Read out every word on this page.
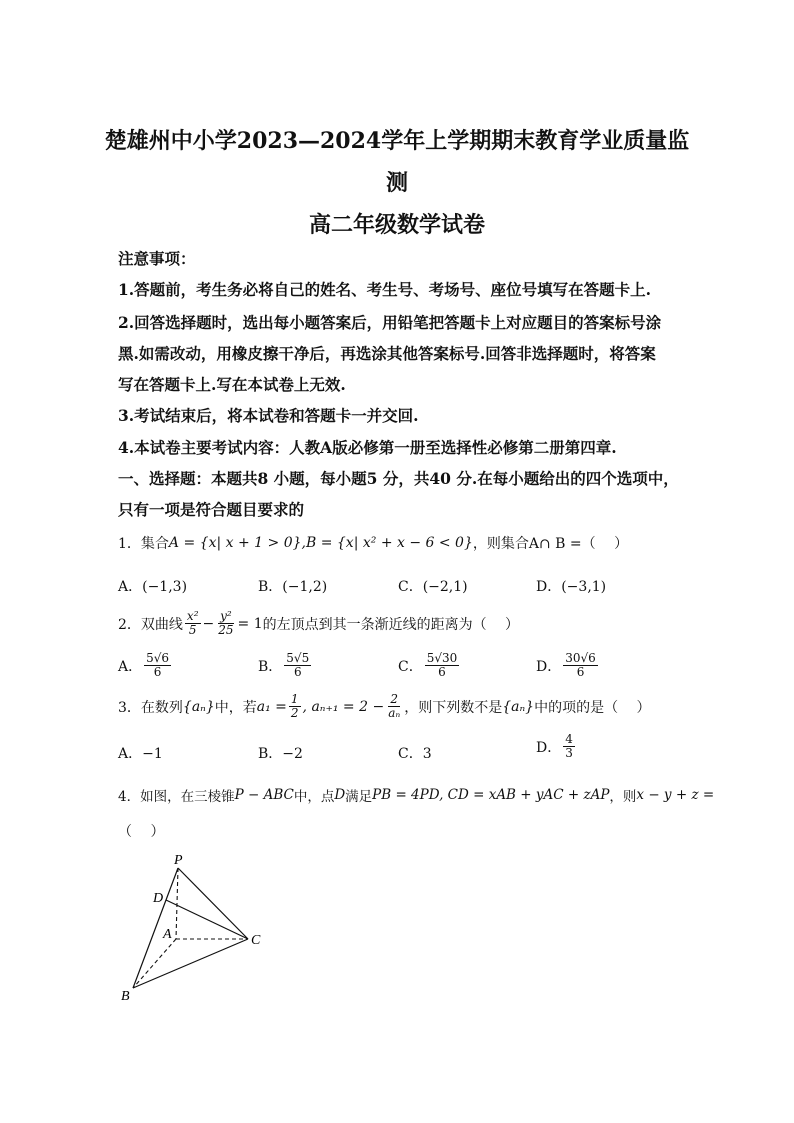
楚雄州中小学2023—2024学年上学期期末教育学业质量监
测
高二年级数学试卷
注意事项：
1.答题前，考生务必将自己的姓名、考生号、考场号、座位号填写在答题卡上.
2.回答选择题时，选出每小题答案后，用铅笔把答题卡上对应题目的答案标号涂
黑.如需改动，用橡皮擦干净后，再选涂其他答案标号.回答非选择题时，将答案
写在答题卡上.写在本试卷上无效.
3.考试结束后，将本试卷和答题卡一并交回.
4.本试卷主要考试内容：人教A版必修第一册至选择性必修第二册第四章.
一、选择题：本题共8 小题，每小题5 分，共40 分.在每小题给出的四个选项中，
只有一项是符合题目要求的
1．集合 A = {x| x + 1 > 0}, B = {x| x² + x − 6 < 0} ，则集合A∩ B =（　 ）
A．(−1,3)	B．(−1,2)	C．(−2,1)	D．(−3,1)
2．双曲线 $\frac{\text{x²}}{5} - \frac{\text{y²}}{25} = 1$ 的左顶点到其一条渐近线的距离为（　 ）
A． $\frac{5√6}{6}$	B． $\frac{5√5}{6}$	C． $\frac{5√30}{6}$	D． $\frac{30√6}{6}$
3．在数列 {aₙ} 中，若 $a_1 = \frac{1}{2}$ , $a_{n+1} = 2 - \frac{2}{\text{aₙ}}$ ，则下列数不是 {aₙ} 中的项的是（　 ）
A．−1	B．−2	C．3	D． $\frac{4}{3}$
4．如图，在三棱锥 P − ABC 中，点 D 满足 PB = 4PD, CD = xAB + yAC + zAP ，则 x − y + z =
（　 ）
P
D
A	C
B
